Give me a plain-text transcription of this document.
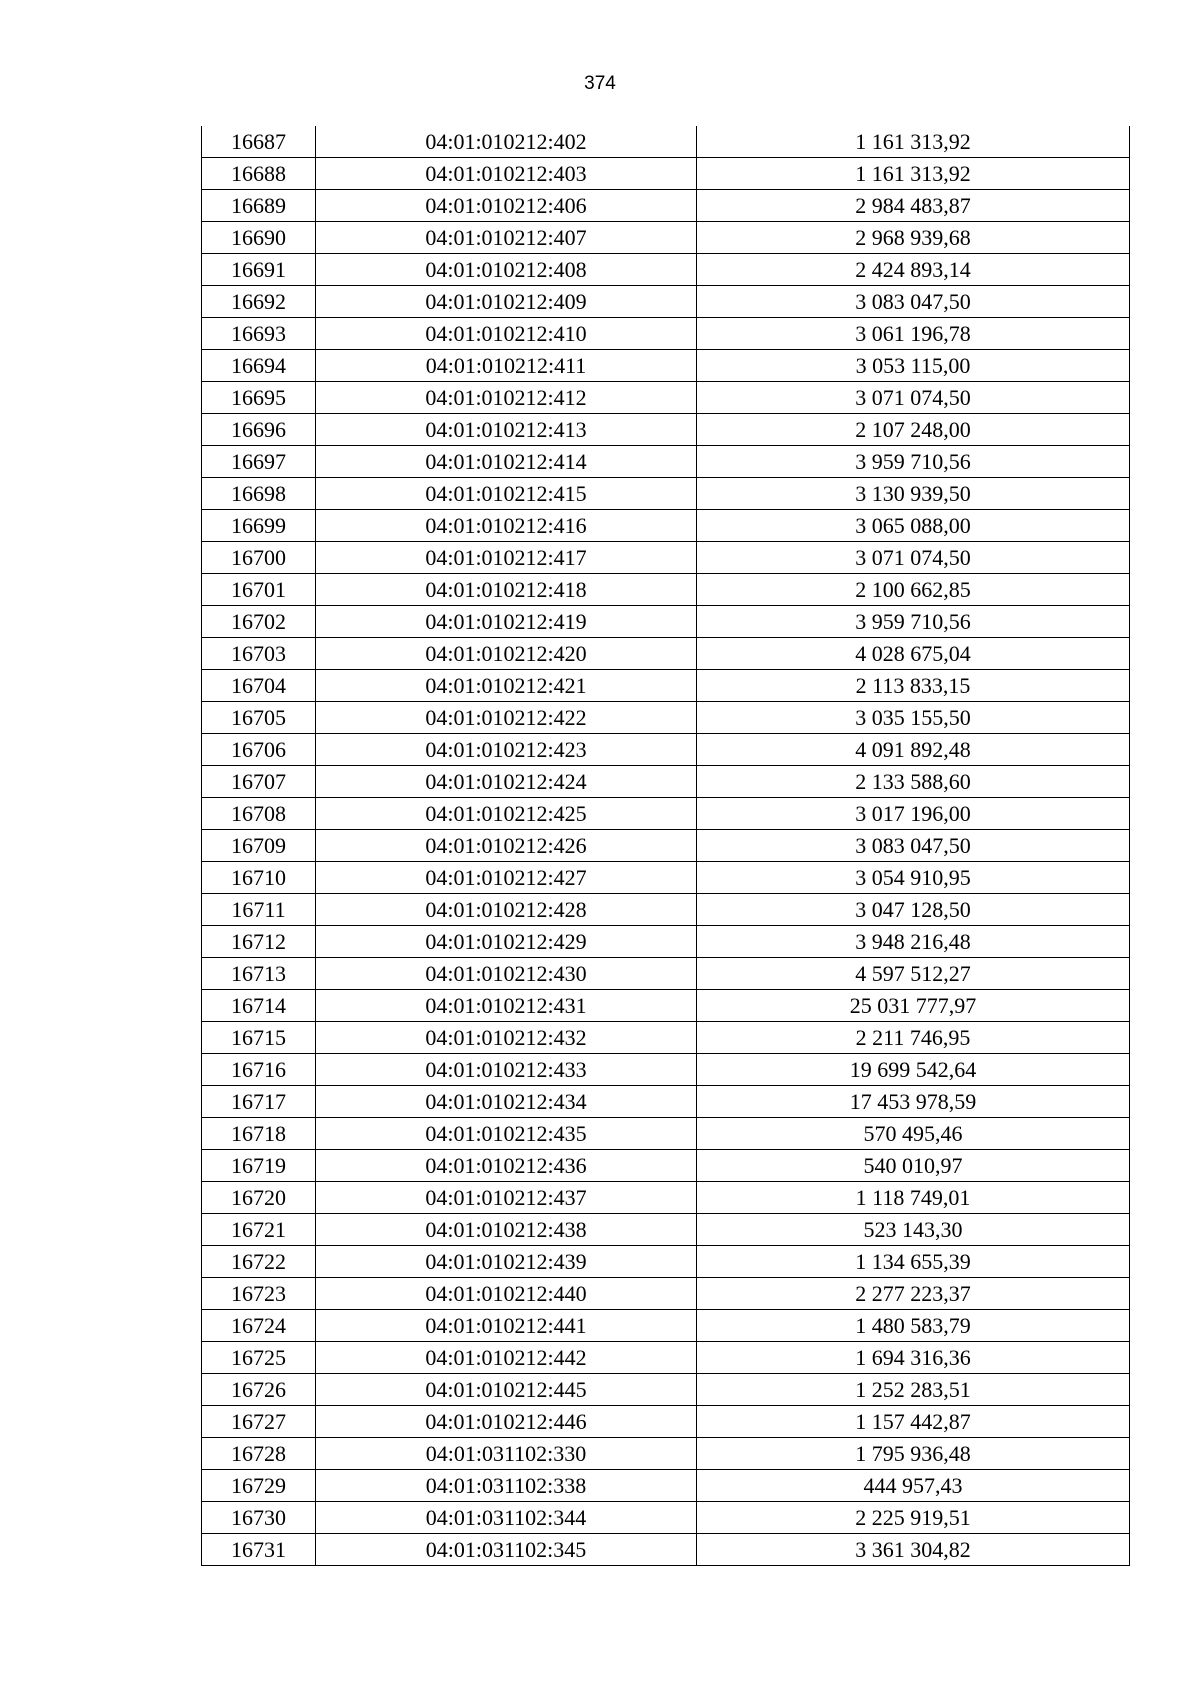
374
16687	04:01:010212:402	1 161 313,92
16688	04:01:010212:403	1 161 313,92
16689	04:01:010212:406	2 984 483,87
16690	04:01:010212:407	2 968 939,68
16691	04:01:010212:408	2 424 893,14
16692	04:01:010212:409	3 083 047,50
16693	04:01:010212:410	3 061 196,78
16694	04:01:010212:411	3 053 115,00
16695	04:01:010212:412	3 071 074,50
16696	04:01:010212:413	2 107 248,00
16697	04:01:010212:414	3 959 710,56
16698	04:01:010212:415	3 130 939,50
16699	04:01:010212:416	3 065 088,00
16700	04:01:010212:417	3 071 074,50
16701	04:01:010212:418	2 100 662,85
16702	04:01:010212:419	3 959 710,56
16703	04:01:010212:420	4 028 675,04
16704	04:01:010212:421	2 113 833,15
16705	04:01:010212:422	3 035 155,50
16706	04:01:010212:423	4 091 892,48
16707	04:01:010212:424	2 133 588,60
16708	04:01:010212:425	3 017 196,00
16709	04:01:010212:426	3 083 047,50
16710	04:01:010212:427	3 054 910,95
16711	04:01:010212:428	3 047 128,50
16712	04:01:010212:429	3 948 216,48
16713	04:01:010212:430	4 597 512,27
16714	04:01:010212:431	25 031 777,97
16715	04:01:010212:432	2 211 746,95
16716	04:01:010212:433	19 699 542,64
16717	04:01:010212:434	17 453 978,59
16718	04:01:010212:435	570 495,46
16719	04:01:010212:436	540 010,97
16720	04:01:010212:437	1 118 749,01
16721	04:01:010212:438	523 143,30
16722	04:01:010212:439	1 134 655,39
16723	04:01:010212:440	2 277 223,37
16724	04:01:010212:441	1 480 583,79
16725	04:01:010212:442	1 694 316,36
16726	04:01:010212:445	1 252 283,51
16727	04:01:010212:446	1 157 442,87
16728	04:01:031102:330	1 795 936,48
16729	04:01:031102:338	444 957,43
16730	04:01:031102:344	2 225 919,51
16731	04:01:031102:345	3 361 304,82
